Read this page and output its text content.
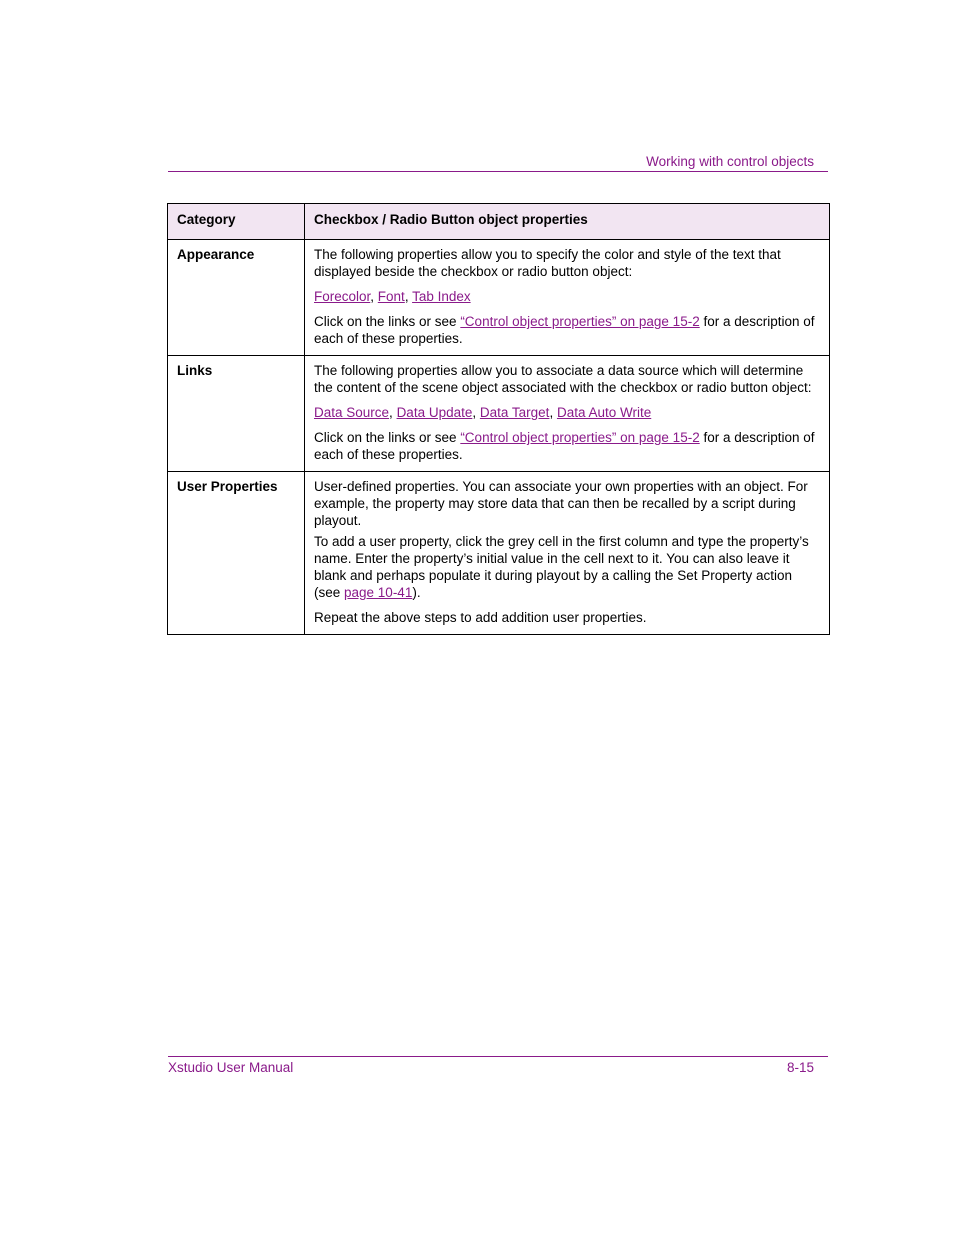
Working with control objects
Category	Checkbox / Radio Button object properties
Appearance	The following properties allow you to specify the color and style of the text that displayed beside the checkbox or radio button object:

Forecolor, Font, Tab Index

Click on the links or see “Control object properties” on page 15-2 for a description of each of these properties.

Links	The following properties allow you to associate a data source which will determine the content of the scene object associated with the checkbox or radio button object:

Data Source, Data Update, Data Target, Data Auto Write

Click on the links or see “Control object properties” on page 15-2 for a description of each of these properties.

User Properties	User-defined properties. You can associate your own properties with an object. For example, the property may store data that can then be recalled by a script during playout.

To add a user property, click the grey cell in the first column and type the property’s name. Enter the property’s initial value in the cell next to it. You can also leave it blank and perhaps populate it during playout by a calling the Set Property action (see page 10-41).

Repeat the above steps to add addition user properties.

Xstudio User Manual	8-15
